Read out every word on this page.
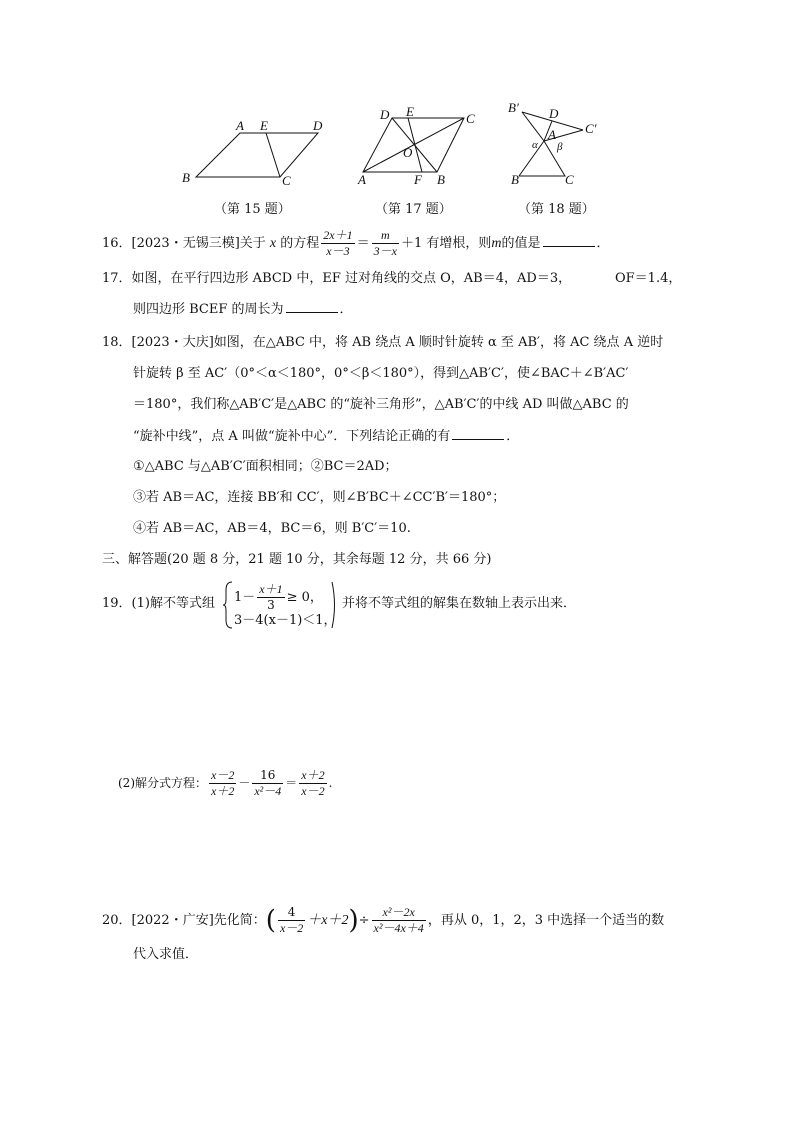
A E	D
B	C
（第 15 题）
D E	C
O
A	F B
（第 17 题）
B′ D
C′
A
α β
B	C
（第 18 题）
16．[2023・无锡三模]关于 x 的方程 $\frac{2x+1}{x-3} = \frac{m}{3-x} +1$ 有增根，则m的值是	．
17．如图，在平行四边形 ABCD 中，EF 过对角线的交点 O，AB＝4，AD＝3，	OF＝1.4，
则四边形 BCEF 的周长为	．
18．[2023・大庆]如图，在△ABC 中，将 AB 绕点 A 顺时针旋转 α 至 AB′，将 AC 绕点 A 逆时
针旋转 β 至 AC′（0°＜α＜180°，0°＜β＜180°），得到△AB′C′，使∠BAC＋∠B′AC′
＝180°，我们称△AB′C′是△ABC 的“旋补三角形”，△AB′C′的中线 AD 叫做△ABC 的
“旋补中线”，点 A 叫做“旋补中心”．下列结论正确的有	．
①△ABC 与△AB′C′面积相同；②BC＝2AD；
③若 AB＝AC，连接 BB′和 CC′，则∠B′BC＋∠CC′B′＝180°；
④若 AB＝AC，AB＝4，BC＝6，则 B′C′＝10.
三、解答题(20 题 8 分，21 题 10 分，其余每题 12 分，共 66 分)
19．(1)解不等式组 $1- \frac{x+1}{3} \ge 0$，
3－4(x－1)＜1，
并将不等式组的解集在数轴上表示出来．
(2)解分式方程： $\frac{x-2}{x+2} - \frac{16}{\text{x²－4}} = \frac{x+2}{x-2}$ .
20．[2022・广安]先化简：( $\frac{4}{x-2} +x+2)\div \frac{\text{x²－2x}}{\text{x²－4x＋4}}$ ，再从 0，1，2，3 中选择一个适当的数
代入求值．
